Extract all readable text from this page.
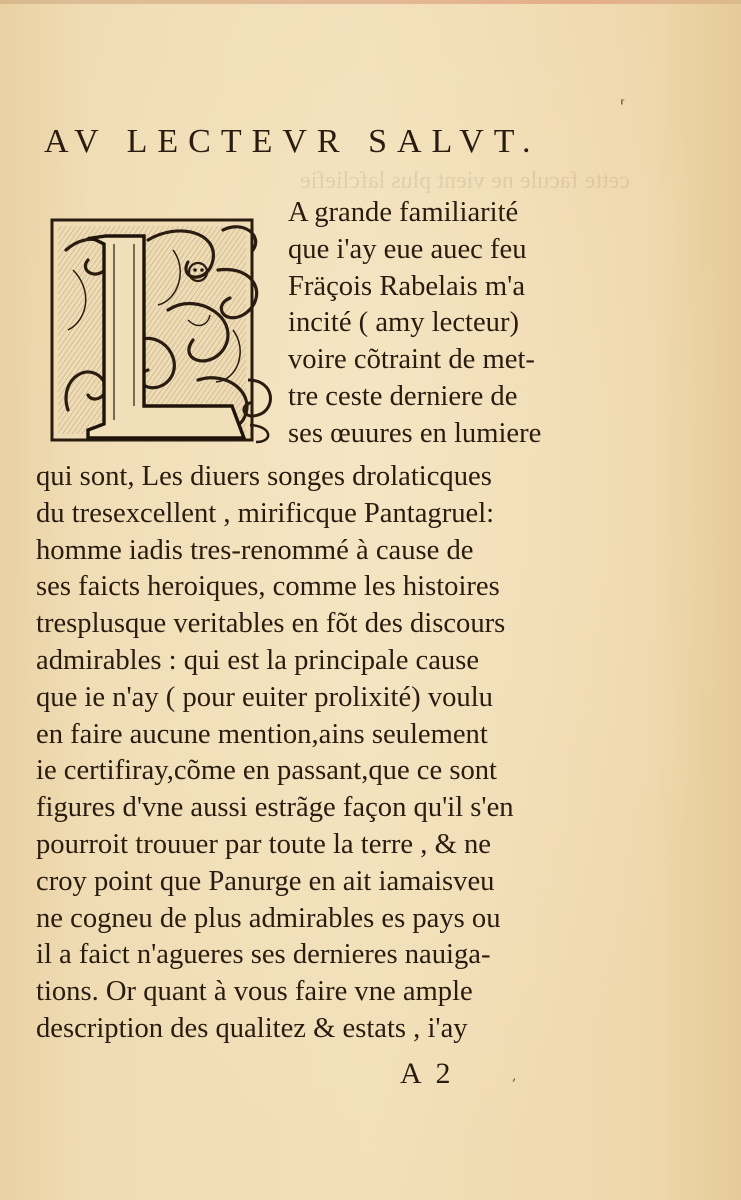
cette facule ne vient plus lafcliefie
AV LECTEVR SALVT.
A grande familiarité
que i'ay eue auec feu
Fräçois Rabelais m'a
incité ( amy lecteur)
voire cõtraint de met-
tre ceste derniere de
ses œuures en lumiere
qui sont, Les diuers songes drolaticques
du tresexcellent , mirificque Pantagruel:
homme iadis tres-renommé à cause de
ses faicts heroiques, comme les histoires
tresplusque veritables en fõt des discours
admirables : qui est la principale cause
que ie n'ay ( pour euiter prolixité) voulu
en faire aucune mention,ains seulement
ie certifiray,cõme en passant,que ce sont
figures d'vne aussi estrãge façon qu'il s'en
pourroit trouuer par toute la terre , & ne
croy point que Panurge en ait iamaisveu
ne cogneu de plus admirables es pays ou
il a faict n'agueres ses dernieres nauiga-
tions. Or quant à vous faire vne ample
description des qualitez & estats , i'ay
A 2
⸢
,
